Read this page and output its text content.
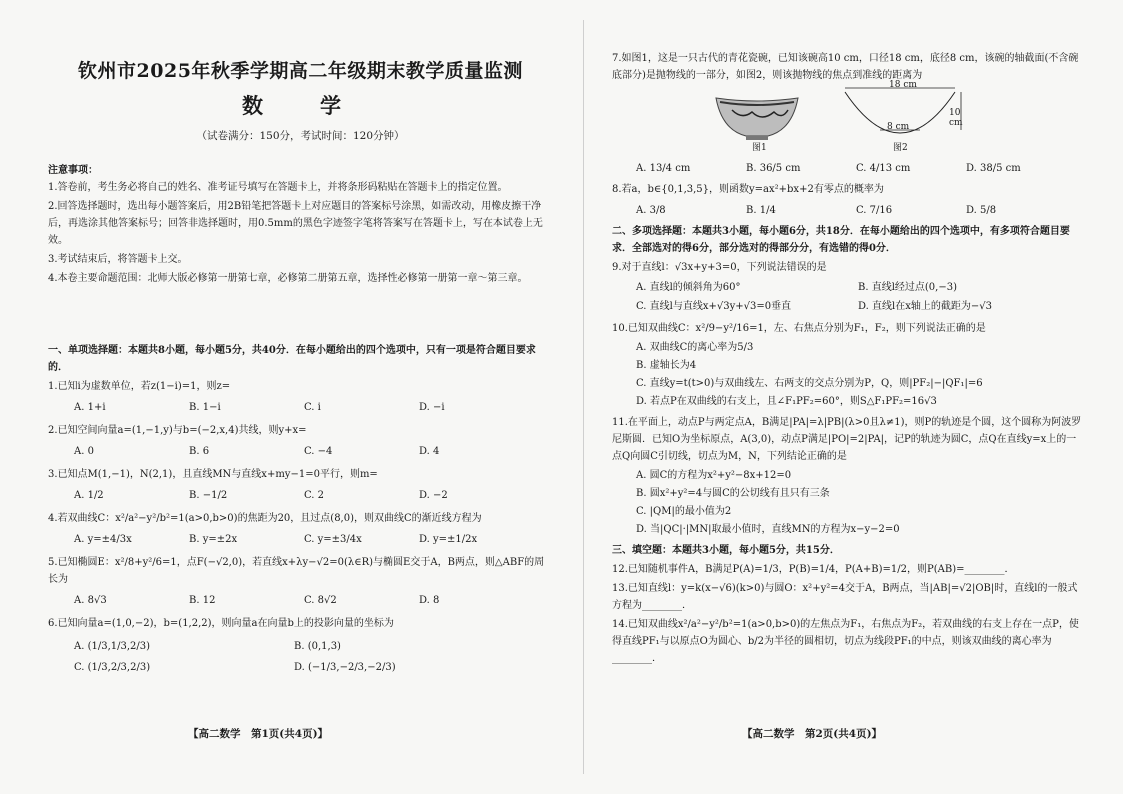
钦州市2025年秋季学期高二年级期末教学质量监测
数　学
（试卷满分：150分，考试时间：120分钟）
注意事项：
1.答卷前，考生务必将自己的姓名、准考证号填写在答题卡上，并将条形码粘贴在答题卡上的指定位置。
2.回答选择题时，选出每小题答案后，用2B铅笔把答题卡上对应题目的答案标号涂黑，如需改动，用橡皮擦干净后，再选涂其他答案标号；回答非选择题时，用0.5mm的黑色字迹签字笔将答案写在答题卡上，写在本试卷上无效。
3.考试结束后，将答题卡上交。
4.本卷主要命题范围：北师大版必修第一册第七章，必修第二册第五章，选择性必修第一册第一章～第三章。
一、单项选择题：本题共8小题，每小题5分，共40分．在每小题给出的四个选项中，只有一项是符合题目要求的．
1.已知i为虚数单位，若z(1−i)=1，则z=
A. 1+i	B. 1−i	C. i	D. −i
2.已知空间向量a=(1,−1,y)与b=(−2,x,4)共线，则y+x=
A. 0	B. 6	C. −4	D. 4
3.已知点M(1,−1)，N(2,1)，且直线MN与直线x+my−1=0平行，则m=
A. 1/2	B. −1/2	C. 2	D. −2
4.若双曲线C：x²/a²−y²/b²=1(a>0,b>0)的焦距为20，且过点(8,0)，则双曲线C的渐近线方程为
A. y=±4/3x	B. y=±2x	C. y=±3/4x	D. y=±1/2x
5.已知椭圆E：x²/8+y²/6=1，点F(−√2,0)，若直线x+λy−√2=0(λ∈R)与椭圆E交于A，B两点，则△ABF的周长为
A. 8√3	B. 12	C. 8√2	D. 8
6.已知向量a=(1,0,−2)，b=(1,2,2)，则向量a在向量b上的投影向量的坐标为
A. (1/3,1/3,2/3)	B. (0,1,3)
C. (1/3,2/3,2/3)	D. (−1/3,−2/3,−2/3)
【高二数学　第1页(共4页)】
7.如图1，这是一只古代的青花瓷碗，已知该碗高10 cm，口径18 cm，底径8 cm，该碗的轴截面(不含碗底部分)是抛物线的一部分，如图2，则该抛物线的焦点到准线的距离为
图1
18 cm
10 cm
8 cm
图2
A. 13/4 cm	B. 36/5 cm	C. 4/13 cm	D. 38/5 cm
8.若a，b∈{0,1,3,5}，则函数y=ax²+bx+2有零点的概率为
A. 3/8	B. 1/4	C. 7/16	D. 5/8
二、多项选择题：本题共3小题，每小题6分，共18分．在每小题给出的四个选项中，有多项符合题目要求．全部选对的得6分，部分选对的得部分分，有选错的得0分．
9.对于直线l：√3x+y+3=0，下列说法错误的是
A. 直线l的倾斜角为60°	B. 直线l经过点(0,−3)
C. 直线l与直线x+√3y+√3=0垂直	D. 直线l在x轴上的截距为−√3
10.已知双曲线C：x²/9−y²/16=1，左、右焦点分别为F₁，F₂，则下列说法正确的是
A. 双曲线C的离心率为5/3
B. 虚轴长为4
C. 直线y=t(t>0)与双曲线左、右两支的交点分别为P，Q，则|PF₂|−|QF₁|=6
D. 若点P在双曲线的右支上，且∠F₁PF₂=60°，则S△F₁PF₂=16√3
11.在平面上，动点P与两定点A，B满足|PA|=λ|PB|(λ>0且λ≠1)，则P的轨迹是个圆，这个圆称为阿波罗尼斯圆．已知O为坐标原点，A(3,0)，动点P满足|PO|=2|PA|，记P的轨迹为圆C，点Q在直线y=x上的一点Q向圆C引切线，切点为M，N，下列结论正确的是
A. 圆C的方程为x²+y²−8x+12=0
B. 圆x²+y²=4与圆C的公切线有且只有三条
C. |QM|的最小值为2
D. 当|QC|·|MN|取最小值时，直线MN的方程为x−y−2=0
三、填空题：本题共3小题，每小题5分，共15分．
12.已知随机事件A，B满足P(A)=1/3，P(B)=1/4，P(A+B)=1/2，则P(AB)=________．
13.已知直线l：y=k(x−√6)(k>0)与圆O：x²+y²=4交于A，B两点，当|AB|=√2|OB|时，直线l的一般式方程为________．
14.已知双曲线x²/a²−y²/b²=1(a>0,b>0)的左焦点为F₁，右焦点为F₂，若双曲线的右支上存在一点P，使得直线PF₁与以原点O为圆心、b/2为半径的圆相切，切点为线段PF₁的中点，则该双曲线的离心率为________．
【高二数学　第2页(共4页)】
